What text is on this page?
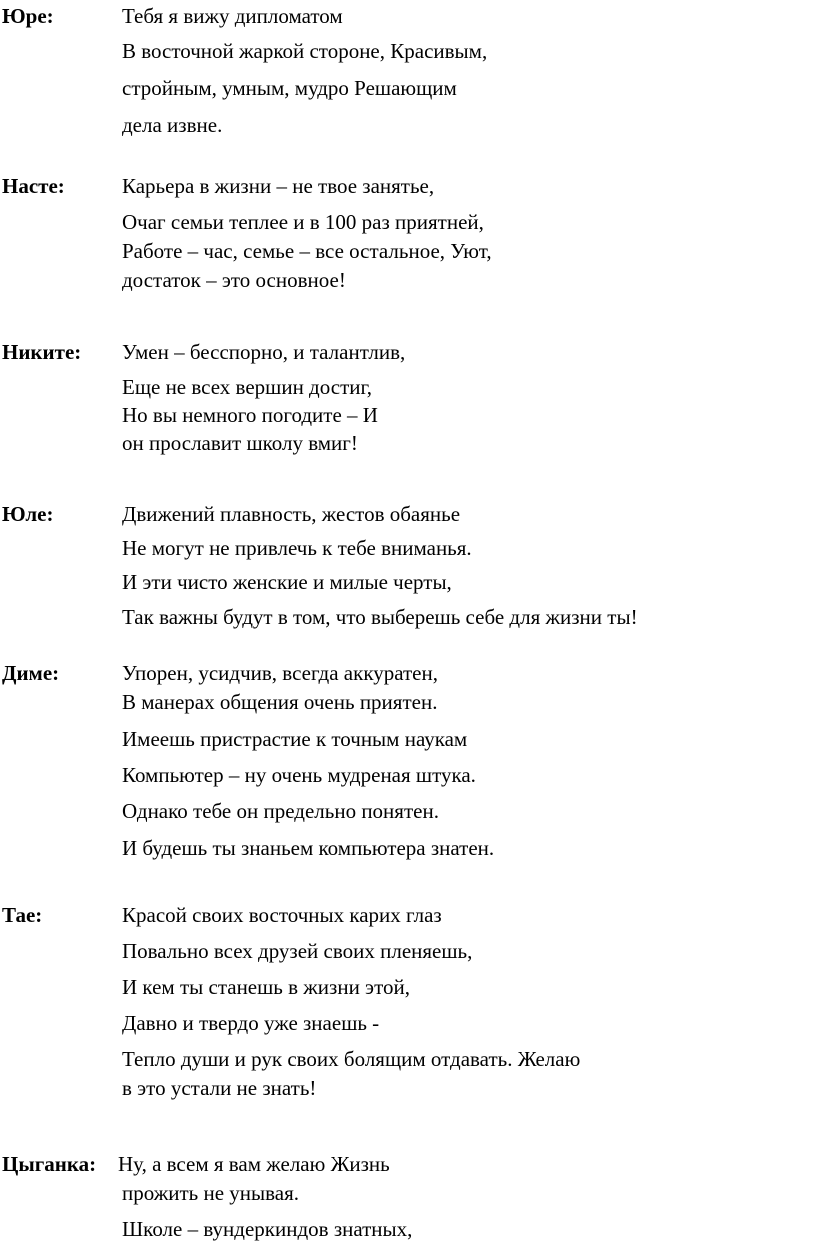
Юре:	Тебя я вижу дипломатом
В восточной жаркой стороне, Красивым,
стройным, умным, мудро Решающим
дела извне.
Насте:	Карьера в жизни – не твое занятье,
Очаг семьи теплее и в 100 раз приятней,
Работе – час, семье – все остальное, Уют,
достаток – это основное!
Никите: Умен – бесспорно, и талантлив,
Еще не всех вершин достиг,
Но вы немного погодите – И
он прославит школу вмиг!
Юле:	Движений плавность, жестов обаянье
Не могут не привлечь к тебе вниманья.
И эти чисто женские и милые черты,
Так важны будут в том, что выберешь себе для жизни ты!
Диме:	Упорен, усидчив, всегда аккуратен,
В манерах общения очень приятен.
Имеешь пристрастие к точным наукам
Компьютер – ну очень мудреная штука.
Однако тебе он предельно понятен.
И будешь ты знаньем компьютера знатен.
Тае:	Красой своих восточных карих глаз
Повально всех друзей своих пленяешь,
И кем ты станешь в жизни этой,
Давно и твердо уже знаешь -
Тепло души и рук своих болящим отдавать. Желаю
в это устали не знать!
Цыганка: Ну, а всем я вам желаю Жизнь
прожить не унывая.
Школе – вундеркиндов знатных,
